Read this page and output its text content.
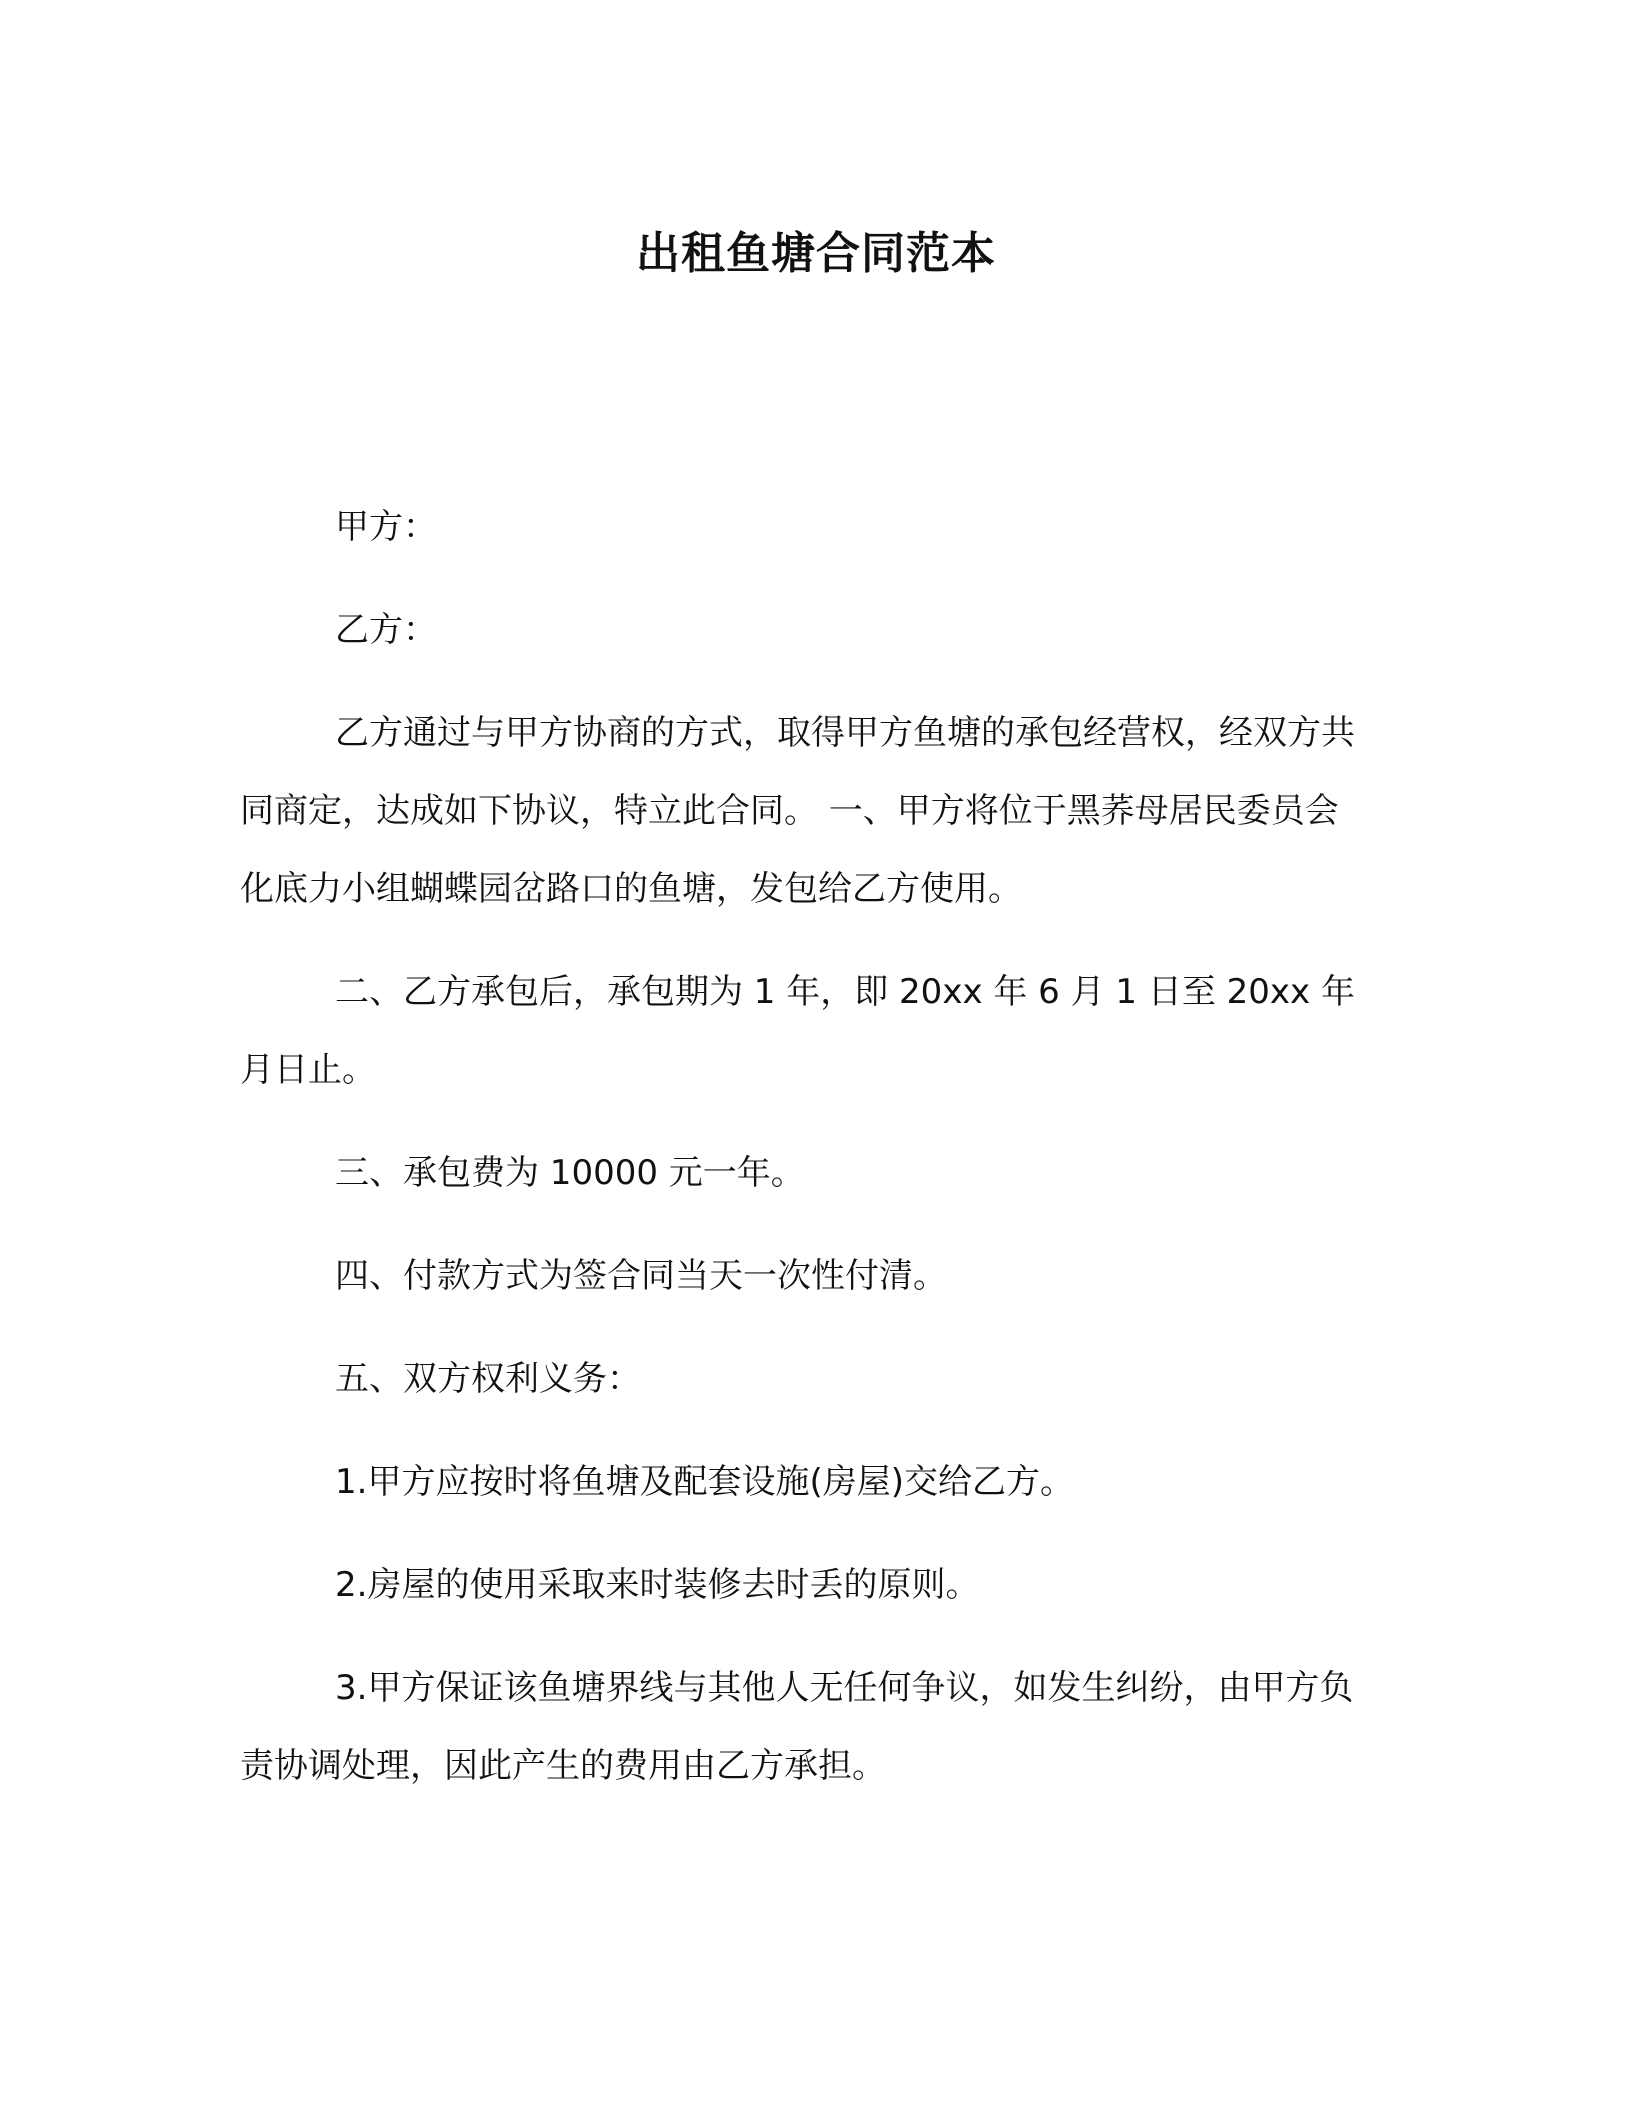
出租鱼塘合同范本

甲方：

乙方：

乙方通过与甲方协商的方式，取得甲方鱼塘的承包经营权，经双方共同商定，达成如下协议，特立此合同。 一、甲方将位于黑荞母居民委员会化底力小组蝴蝶园岔路口的鱼塘，发包给乙方使用。

二、乙方承包后，承包期为 1 年，即 20xx 年 6 月 1 日至 20xx 年 月日止。

三、承包费为 10000 元一年。

四、付款方式为签合同当天一次性付清。

五、双方权利义务：

1.甲方应按时将鱼塘及配套设施(房屋)交给乙方。

2.房屋的使用采取来时装修去时丢的原则。

3.甲方保证该鱼塘界线与其他人无任何争议，如发生纠纷，由甲方负责协调处理，因此产生的费用由乙方承担。
